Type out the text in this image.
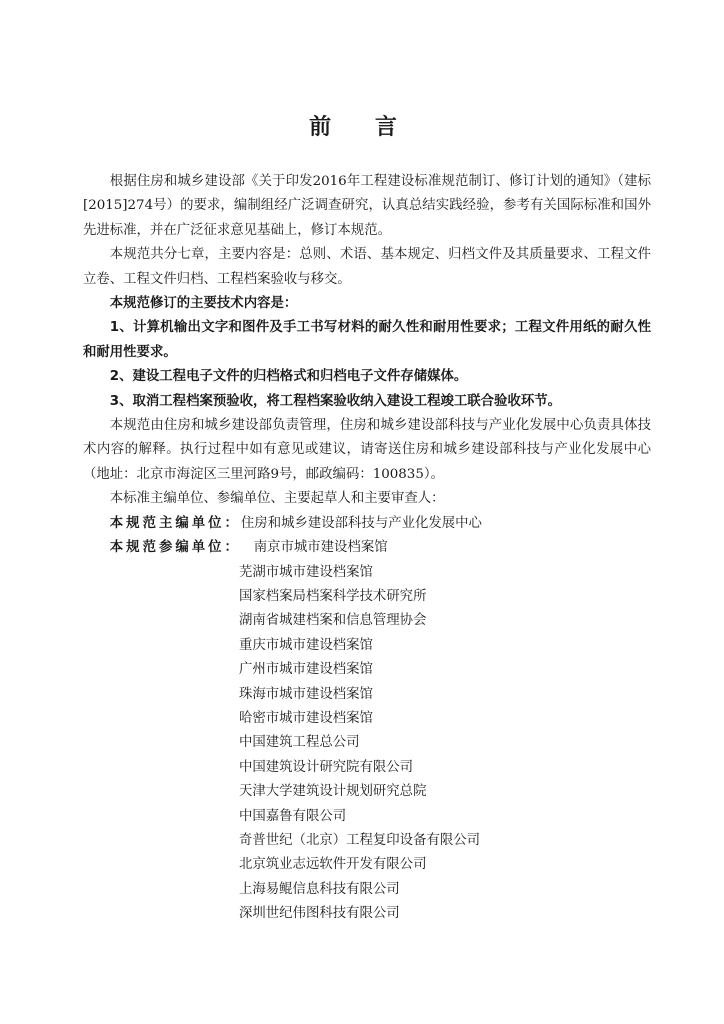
前 言

根据住房和城乡建设部《关于印发2016年工程建设标准规范制订、修订计划的通知》（建标[2015]274号）的要求，编制组经广泛调查研究，认真总结实践经验，参考有关国际标准和国外先进标准，并在广泛征求意见基础上，修订本规范。

本规范共分七章，主要内容是：总则、术语、基本规定、归档文件及其质量要求、工程文件立卷、工程文件归档、工程档案验收与移交。

本规范修订的主要技术内容是：

1、计算机输出文字和图件及手工书写材料的耐久性和耐用性要求；工程文件用纸的耐久性和耐用性要求。

2、建设工程电子文件的归档格式和归档电子文件存储媒体。

3、取消工程档案预验收，将工程档案验收纳入建设工程竣工联合验收环节。

本规范由住房和城乡建设部负责管理，住房和城乡建设部科技与产业化发展中心负责具体技术内容的解释。执行过程中如有意见或建议，请寄送住房和城乡建设部科技与产业化发展中心（地址：北京市海淀区三里河路9号，邮政编码：100835）。

本标准主编单位、参编单位、主要起草人和主要审查人：

本规范主编单位：住房和城乡建设部科技与产业化发展中心

本规范参编单位： 南京市城市建设档案馆

芜湖市城市建设档案馆
国家档案局档案科学技术研究所
湖南省城建档案和信息管理协会
重庆市城市建设档案馆
广州市城市建设档案馆
珠海市城市建设档案馆
哈密市城市建设档案馆
中国建筑工程总公司
中国建筑设计研究院有限公司
天津大学建筑设计规划研究总院
中国嘉鲁有限公司
奇普世纪（北京）工程复印设备有限公司
北京筑业志远软件开发有限公司
上海易鲲信息科技有限公司
深圳世纪伟图科技有限公司
